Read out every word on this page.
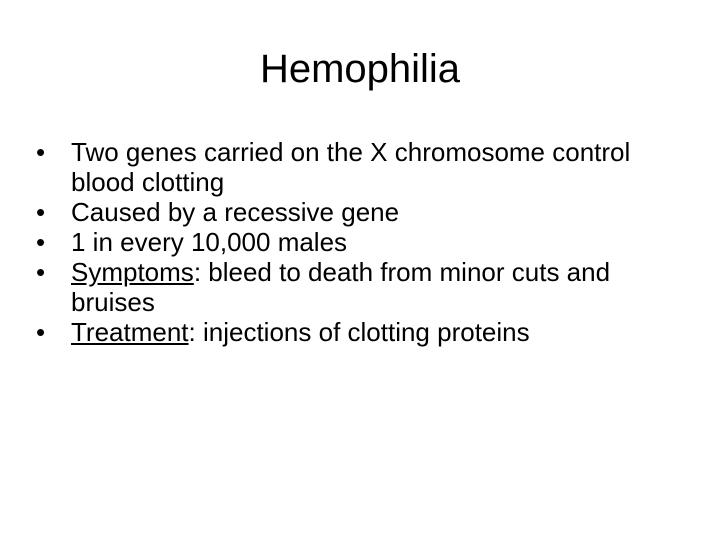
Hemophilia
• Two genes carried on the X chromosome control blood clotting
• Caused by a recessive gene
• 1 in every 10,000 males
• Symptoms: bleed to death from minor cuts and bruises
• Treatment: injections of clotting proteins
